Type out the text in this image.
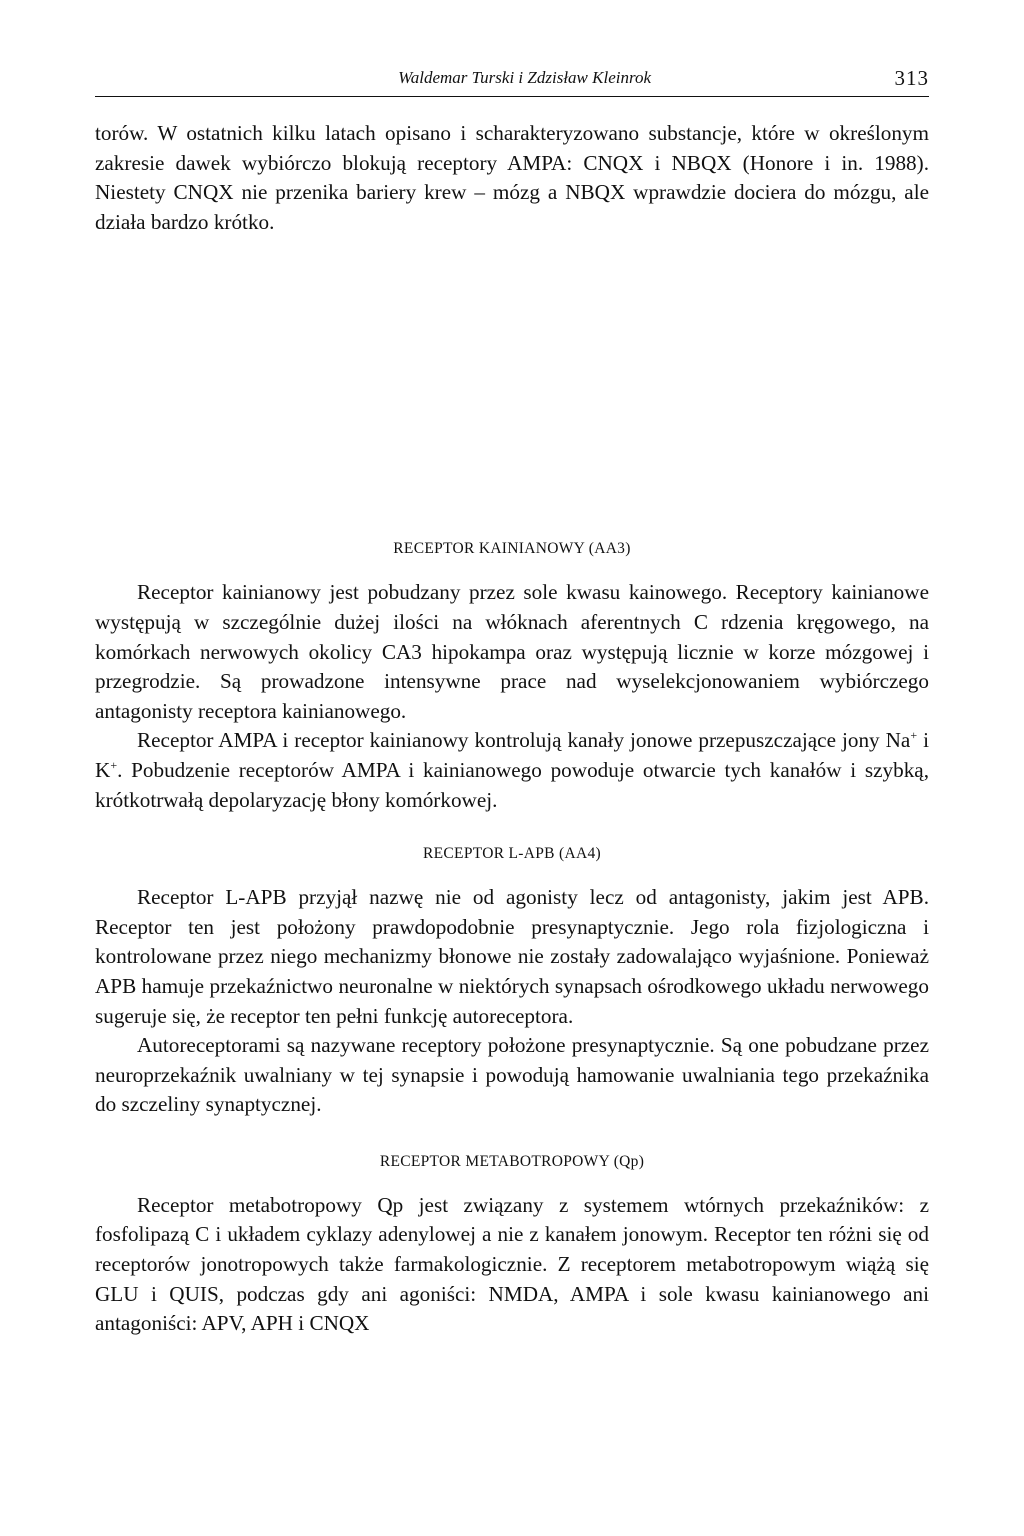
Waldemar Turski i Zdzisław Kleinrok	313

torów. W ostatnich kilku latach opisano i scharakteryzowano substancje, które w określonym zakresie dawek wybiórczo blokują receptory AMPA: CNQX i NBQX (Honore i in. 1988). Niestety CNQX nie przenika bariery krew – mózg a NBQX wprawdzie dociera do mózgu, ale działa bardzo krótko.

RECEPTOR KAINIANOWY (AA3)

Receptor kainianowy jest pobudzany przez sole kwasu kainowego. Receptory kainianowe występują w szczególnie dużej ilości na włóknach aferentnych C rdzenia kręgowego, na komórkach nerwowych okolicy CA3 hipokampa oraz występują licznie w korze mózgowej i przegrodzie. Są prowadzone intensywne prace nad wyselekcjonowaniem wybiórczego antagonisty receptora kainianowego.

Receptor AMPA i receptor kainianowy kontrolują kanały jonowe przepuszczające jony Na+ i K+. Pobudzenie receptorów AMPA i kainianowego powoduje otwarcie tych kanałów i szybką, krótkotrwałą depolaryzację błony komórkowej.

RECEPTOR L-APB (AA4)

Receptor L-APB przyjął nazwę nie od agonisty lecz od antagonisty, jakim jest APB. Receptor ten jest położony prawdopodobnie presynaptycznie. Jego rola fizjologiczna i kontrolowane przez niego mechanizmy błonowe nie zostały zadowalająco wyjaśnione. Ponieważ APB hamuje przekaźnictwo neuronalne w niektórych synapsach ośrodkowego układu nerwowego sugeruje się, że receptor ten pełni funkcję autoreceptora.

Autoreceptorami są nazywane receptory położone presynaptycznie. Są one pobudzane przez neuroprzekaźnik uwalniany w tej synapsie i powodują hamowanie uwalniania tego przekaźnika do szczeliny synaptycznej.

RECEPTOR METABOTROPOWY (Qp)

Receptor metabotropowy Qp jest związany z systemem wtórnych przekaźników: z fosfolipazą C i układem cyklazy adenylowej a nie z kanałem jonowym. Receptor ten różni się od receptorów jonotropowych także farmakologicznie. Z receptorem metabotropowym wiążą się GLU i QUIS, podczas gdy ani agoniści: NMDA, AMPA i sole kwasu kainianowego ani antagoniści: APV, APH i CNQX
